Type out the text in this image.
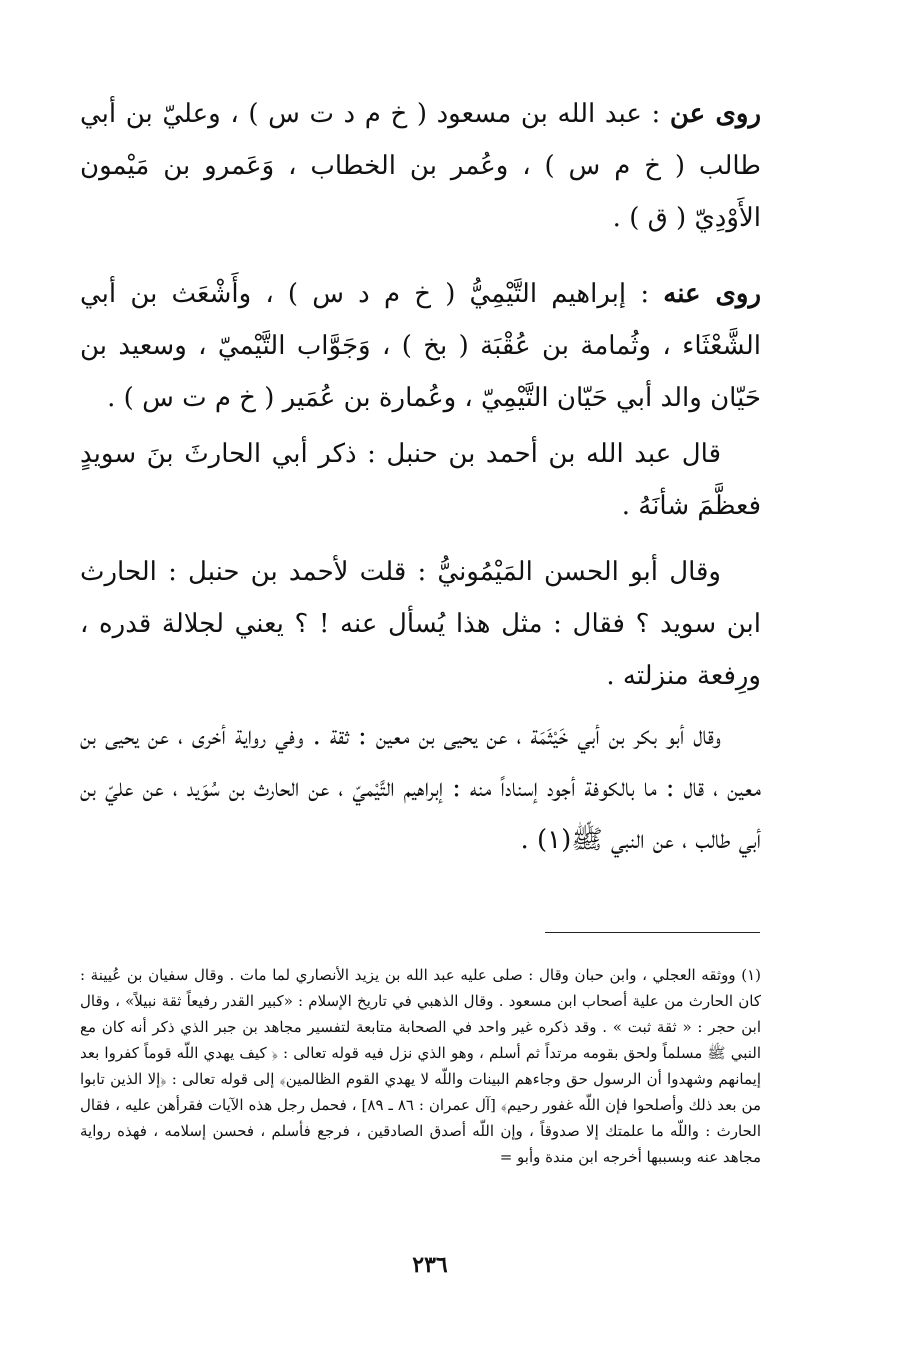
روى عن : عبد الله بن مسعود ( خ م د ت س ) ، وعليّ بن أبي طالب ( خ م س ) ، وعُمر بن الخطاب ، وَعَمرو بن مَيْمون الأَوْدِيّ ( ق ) .

روى عنه : إبراهيم التَّيْمِيُّ ( خ م د س ) ، وأَشْعَث بن أبي الشَّعْثَاء ، وثُمامة بن عُقْبَة ( بخ ) ، وَجَوَّاب التَّيْميّ ، وسعيد بن حَيّان والد أبي حَيّان التَّيْمِيّ ، وعُمارة بن عُمَير ( خ م ت س ) .

قال عبد الله بن أحمد بن حنبل : ذكر أبي الحارثَ بنَ سويدٍ فعظَّمَ شأنَهُ .

وقال أبو الحسن المَيْمُونيُّ : قلت لأحمد بن حنبل : الحارث ابن سويد ؟ فقال : مثل هذا يُسأل عنه ! ؟ يعني لجلالة قدره ، ورِفعة منزلته .

وقال أبو بكر بن أبي خَيْثَمَة ، عن يحيى بن معين : ثقة . وفي رواية أخرى ، عن يحيى بن معين ، قال : ما بالكوفة أجود إسناداً منه : إبراهيم التَّيْميّ ، عن الحارث بن سُوَيد ، عن عليّ بن أبي طالب ، عن النبي ﷺ(١) .

(١) ووثقه العجلي ، وابن حبان وقال : صلى عليه عبد الله بن يزيد الأنصاري لما مات . وقال سفيان بن عُيينة : كان الحارث من علية أصحاب ابن مسعود . وقال الذهبي في تاريخ الإسلام : «كبير القدر رفيعاً ثقة نبيلاً» ، وقال ابن حجر : « ثقة ثبت » . وقد ذكره غير واحد في الصحابة متابعة لتفسير مجاهد بن جبر الذي ذكر أنه كان مع النبي ﷺ مسلماً ولحق بقومه مرتداً ثم أسلم ، وهو الذي نزل فيه قوله تعالى : ﴿ كيف يهدي اللّه قوماً كفروا بعد إيمانهم وشهدوا أن الرسول حق وجاءهم البينات واللّه لا يهدي القوم الظالمين﴾ إلى قوله تعالى : ﴿إلا الذين تابوا من بعد ذلك وأصلحوا فإن اللّه غفور رحيم﴾ [آل عمران : ٨٦ ـ ٨٩] ، فحمل رجل هذه الآيات فقرأهن عليه ، فقال الحارث : واللّه ما علمتك إلا صدوقاً ، وإن اللّه أصدق الصادقين ، فرجع فأسلم ، فحسن إسلامه ، فهذه رواية مجاهد عنه وبسببها أخرجه ابن مندة وأبو =

٢٣٦
